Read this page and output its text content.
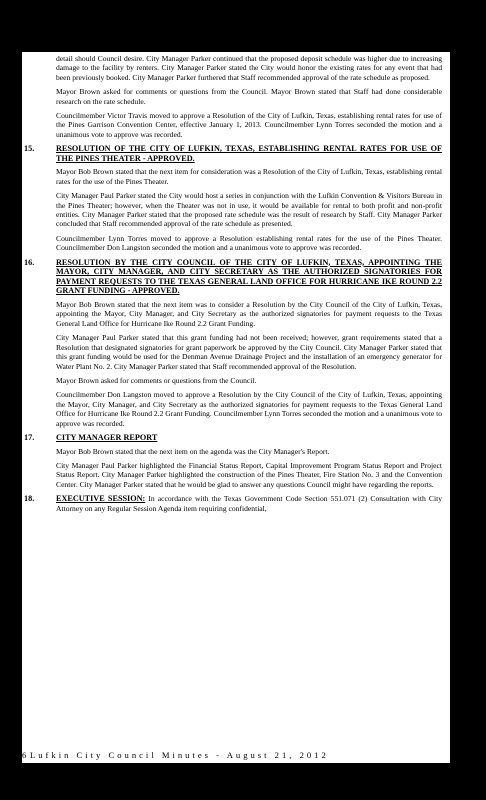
detail should Council desire. City Manager Parker continued that the proposed deposit schedule was higher due to increasing damage to the facility by renters. City Manager Parker stated the City would honor the existing rates for any event that had been previously booked. City Manager Parker furthered that Staff recommended approval of the rate schedule as proposed.

Mayor Brown asked for comments or questions from the Council. Mayor Brown stated that Staff had done considerable research on the rate schedule.

Councilmember Victor Travis moved to approve a Resolution of the City of Lufkin, Texas, establishing rental rates for use of the Pines Garrison Convention Center, effective January 1, 2013. Councilmember Lynn Torres seconded the motion and a unanimous vote to approve was recorded.

15.	RESOLUTION OF THE CITY OF LUFKIN, TEXAS, ESTABLISHING RENTAL RATES FOR USE OF THE PINES THEATER - APPROVED.

Mayor Bob Brown stated that the next item for consideration was a Resolution of the City of Lufkin, Texas, establishing rental rates for the use of the Pines Theater.

City Manager Paul Parker stated the City would host a series in conjunction with the Lufkin Convention & Visitors Bureau in the Pines Theater; however, when the Theater was not in use, it would be available for rental to both profit and non-profit entities. City Manager Parker stated that the proposed rate schedule was the result of research by Staff. City Manager Parker concluded that Staff recommended approval of the rate schedule as presented.

Councilmember Lynn Torres moved to approve a Resolution establishing rental rates for the use of the Pines Theater. Councilmember Don Langston seconded the motion and a unanimous vote to approve was recorded.

16.	RESOLUTION BY THE CITY COUNCIL OF THE CITY OF LUFKIN, TEXAS, APPOINTING THE MAYOR, CITY MANAGER, AND CITY SECRETARY AS THE AUTHORIZED SIGNATORIES FOR PAYMENT REQUESTS TO THE TEXAS GENERAL LAND OFFICE FOR HURRICANE IKE ROUND 2.2 GRANT FUNDING - APPROVED.

Mayor Bob Brown stated that the next item was to consider a Resolution by the City Council of the City of Lufkin, Texas, appointing the Mayor, City Manager, and City Secretary as the authorized signatories for payment requests to the Texas General Land Office for Hurricane Ike Round 2.2 Grant Funding.

City Manager Paul Parker stated that this grant funding had not been received; however, grant requirements stated that a Resolution that designated signatories for grant paperwork be approved by the City Council. City Manager Parker stated that this grant funding would be used for the Denman Avenue Drainage Project and the installation of an emergency generator for Water Plant No. 2. City Manager Parker stated that Staff recommended approval of the Resolution.

Mayor Brown asked for comments or questions from the Council.

Councilmember Don Langston moved to approve a Resolution by the City Council of the City of Lufkin, Texas, appointing the Mayor, City Manager, and City Secretary as the authorized signatories for payment requests to the Texas General Land Office for Hurricane Ike Round 2.2 Grant Funding. Councilmember Lynn Torres seconded the motion and a unanimous vote to approve was recorded.

17.	CITY MANAGER REPORT

Mayor Bob Brown stated that the next item on the agenda was the City Manager's Report.

City Manager Paul Parker highlighted the Financial Status Report, Capital Improvement Program Status Report and Project Status Report. City Manager Parker highlighted the construction of the Pines Theater, Fire Station No. 3 and the Convention Center. City Manager Parker stated that he would be glad to answer any questions Council might have regarding the reports.

18.	EXECUTIVE SESSION: In accordance with the Texas Government Code Section 551.071 (2) Consultation with City Attorney on any Regular Session Agenda item requiring confidential,
6Lufkin City Council Minutes - August 21, 2012
